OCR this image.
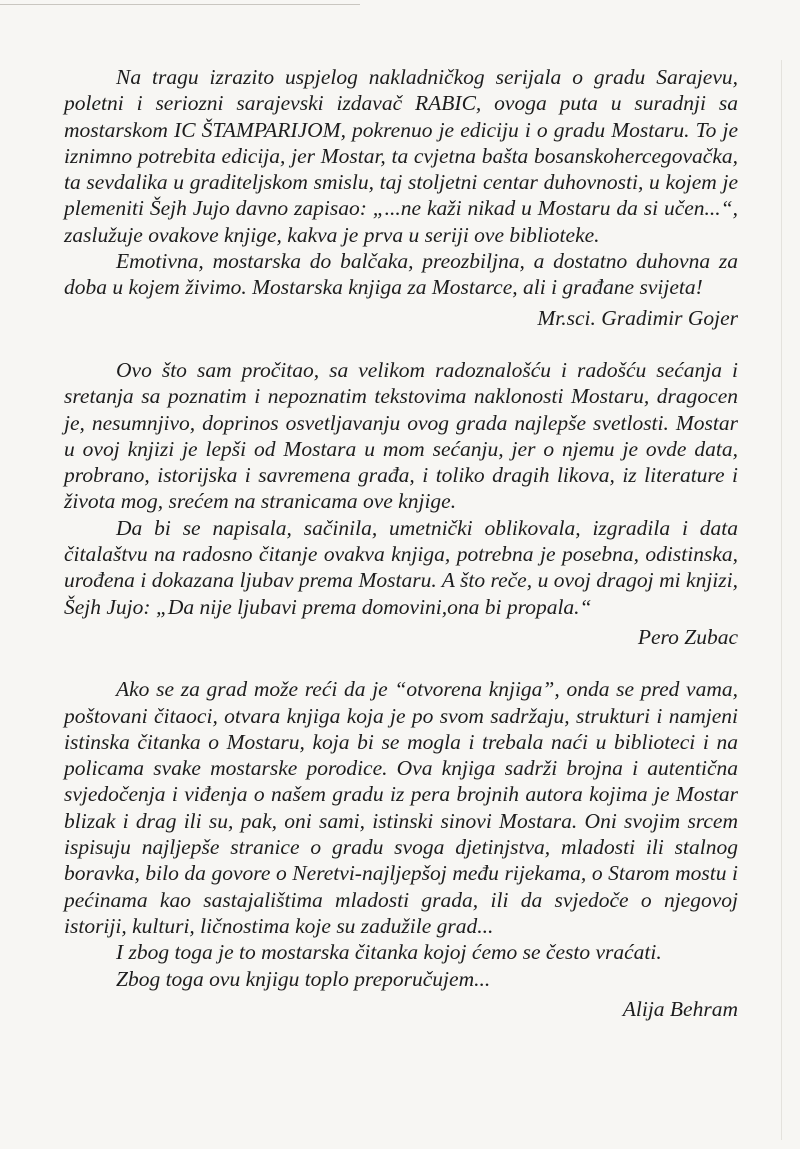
Na tragu izrazito uspjelog nakladničkog serijala o gradu Sarajevu, poletni i seriozni sarajevski izdavač RABIC, ovoga puta u suradnji sa mostarskom IC ŠTAMPARIJOM, pokrenuo je ediciju i o gradu Mostaru. To je iznimno potrebita edicija, jer Mostar, ta cvjetna bašta bosanskohercegovačka, ta sevdalika u graditeljskom smislu, taj stoljetni centar duhovnosti, u kojem je plemeniti Šejh Jujo davno zapisao: „...ne kaži nikad u Mostaru da si učen...“, zaslužuje ovakove knjige, kakva je prva u seriji ove biblioteke.

Emotivna, mostarska do balčaka, preozbiljna, a dostatno duhovna za doba u kojem živimo. Mostarska knjiga za Mostarce, ali i građane svijeta!

Mr.sci. Gradimir Gojer

Ovo što sam pročitao, sa velikom radoznalošću i radošću sećanja i sretanja sa poznatim i nepoznatim tekstovima naklonosti Mostaru, dragocen je, nesumnjivo, doprinos osvetljavanju ovog grada najlepše svetlosti. Mostar u ovoj knjizi je lepši od Mostara u mom sećanju, jer o njemu je ovde data, probrano, istorijska i savremena građa, i toliko dragih likova, iz literature i života mog, srećem na stranicama ove knjige.

Da bi se napisala, sačinila, umetnički oblikovala, izgradila i data čitalaštvu na radosno čitanje ovakva knjiga, potrebna je posebna, odistinska, urođena i dokazana ljubav prema Mostaru. A što reče, u ovoj dragoj mi knjizi, Šejh Jujo: „Da nije ljubavi prema domovini,ona bi propala.“

Pero Zubac

Ako se za grad može reći da je “otvorena knjiga”, onda se pred vama, poštovani čitaoci, otvara knjiga koja je po svom sadržaju, strukturi i namjeni istinska čitanka o Mostaru, koja bi se mogla i trebala naći u biblioteci i na policama svake mostarske porodice. Ova knjiga sadrži brojna i autentična svjedočenja i viđenja o našem gradu iz pera brojnih autora kojima je Mostar blizak i drag ili su, pak, oni sami, istinski sinovi Mostara. Oni svojim srcem ispisuju najljepše stranice o gradu svoga djetinjstva, mladosti ili stalnog boravka, bilo da govore o Neretvi-najljepšoj među rijekama, o Starom mostu i pećinama kao sastajalištima mladosti grada, ili da svjedoče o njegovoj istoriji, kulturi, ličnostima koje su zadužile grad...

I zbog toga je to mostarska čitanka kojoj ćemo se često vraćati.

Zbog toga ovu knjigu toplo preporučujem...

Alija Behram
